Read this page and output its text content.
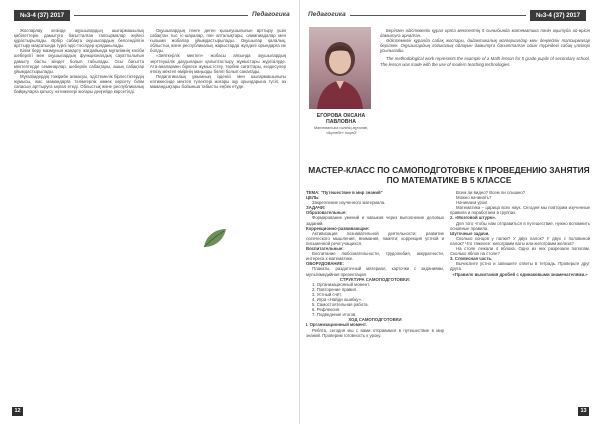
№3-4 (37) 2017	Педагогика

Жоспарлау кезінде оқушылардың шығармашылық қабілеттерін дамытуға бағытталған тапсырмалар жүйесі құрастырылады. Әрбір сабақта оқушылардың белсенділігін арттыру мақсатында түрлі әдіс-тәсілдер қолданылады.

Білім беру мазмұнын жаңарту жағдайында мұғалімнің кәсіби шеберлігі мен оқушылардың функционалдық сауаттылығын дамыту басты міндет болып табылады. Осы бағытта мектептерде семинарлар, шеберлік сабақтары, ашық сабақтар ұйымдастырылады.

Мұғалімдердің тәжірибе алмасуы, әдістемелік бірлестіктердің жұмысы, жас мамандарға тәлімгерлік көмек көрсету білім сапасын арттыруға ықпал етеді. Облыстық және республикалық байқауларға қатысу нәтижелері жоғары деңгейде көрсетілді.

Оқушылардың пәнге деген қызығушылығын арттыру үшін сабақтан тыс іс-шаралар, пән апталықтары, олимпиадалар мен ғылыми жобалар ұйымдастырылады. Оқушылар қалалық, облыстық және республикалық жарыстарда жүлделі орындарға ие болды.

«Зияткерлік мектеп» жобасы аясында оқушылардың зерттеушілік дағдыларын қалыптастыру жұмыстары жүргізілуде. Ата-аналармен бірлесе жұмыс істеу, тәрбие сағаттары, кездесулер өткізу мектеп өмірінің маңызды бөлігі болып саналады.

Педагогикалық ұжымның ізденісі мен шығармашылығы нәтижесінде мектеп түлектері жоғары оқу орындарына түсіп, өз мамандықтары бойынша табысты еңбек етуде.

12
Педагогика	№3-4 (37) 2017
ЕГОРОВА ОКСАНА ПАВЛОВНА
Математика пәнінің мұғалімі, «Ақтөбе» лицейі

Берілген әдістемелік құрал орта мектептің 5 сыныбында математика пәнін оқытуда ой-өрісін дамытуға арналған.

Әдістемелік құралда сабақ жоспары, дидактикалық материалдар мен деңгейлік тапсырмалар берілген. Оқушылардың логикалық ойлауын дамытуға бағытталған ойын түріндегі сабақ үлгілері ұсынылады.

The methodological work represents the example of a Math lesson for 5 grade pupils of secondary school. The lesson was made with the use of modern teaching technologies.

МАСТЕР-КЛАСС ПО САМОПОДГОТОВКЕ К ПРОВЕДЕНИЮ ЗАНЯТИЯ ПО МАТЕМАТИКЕ В 5 КЛАССЕ

ТЕМА: "Путешествие в мир знаний"

ЦЕЛЬ:

Закрепление изученного материала.

ЗАДАЧИ:

Образовательные:

Формирование умений и навыков через выполнение деловых заданий.

Коррекционно-развивающие:

Активизация познавательной деятельности; развитие логического мышления, внимания, памяти; коррекция устной и письменной речи учащихся.

Воспитательные:

Воспитание любознательности, трудолюбия, аккуратности, интереса к математике.

ОБОРУДОВАНИЕ:

Плакаты, раздаточный материал, карточки с заданиями, мультимедийная презентация.

СТРУКТУРА САМОПОДГОТОВКИ:

1. Организационный момент.

2. Повторение правил.

3. Устный счёт.

4. Игра «Найди ошибку».

5. Самостоятельная работа.

6. Рефлексия.

7. Подведение итогов.

ХОД САМОПОДГОТОВКИ

I. Организационный момент.

Ребята, сегодня мы с вами отправимся в путешествие в мир знаний. Проверим готовность к уроку.

Всем ли видно? Всем ли слышно?

Можно начинать?

Начинаем урок!

Математика – царица всех наук. Сегодня мы повторим изученные правила и поработаем в группах.

2. «Мозговой штурм».

Для того чтобы нам отправиться в путешествие, нужно вспомнить основные правила.

Шуточные задачи.

Сколько концов у палки? У двух палок? У двух с половиной палок? Что тяжелее: килограмм ваты или килограмм железа?

На столе лежали 4 яблока. Одно из них разрезали пополам. Сколько яблок на столе?

3. Словесная часть.

Вычислите устно и запишите ответы в тетрадь. Проверьте друг друга.

«Правило вычитания дробей с одинаковыми знаменателями.»

13
